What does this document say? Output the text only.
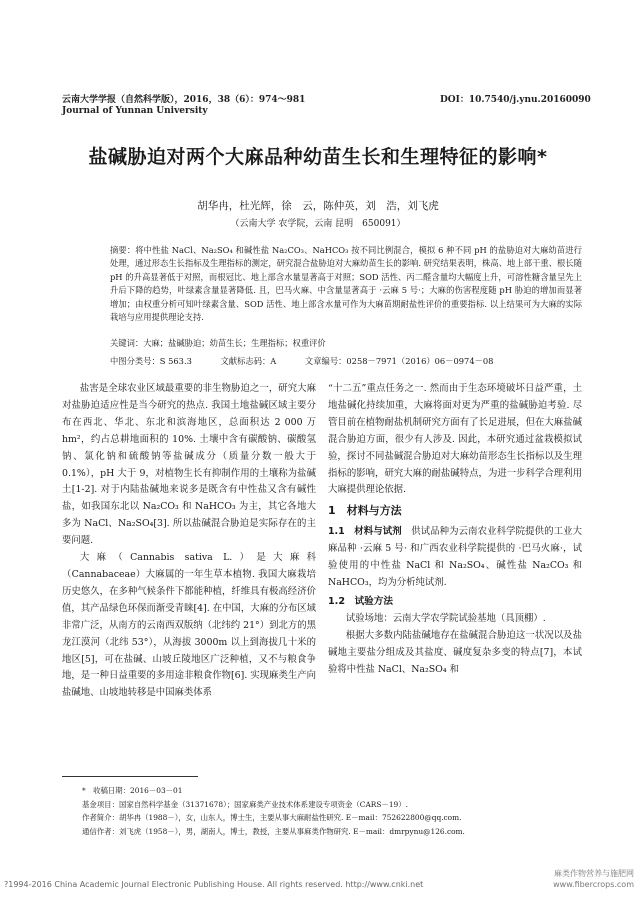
云南大学学报（自然科学版），2016，38（6）：974～981
Journal of Yunnan University
DOI：10.7540/j.ynu.20160090
盐碱胁迫对两个大麻品种幼苗生长和生理特征的影响*
胡华冉，杜光辉，徐　云，陈仲英，刘　浩，刘飞虎
（云南大学 农学院，云南 昆明　650091）
摘要：将中性盐 NaCl、Na₂SO₄ 和碱性盐 Na₂CO₃、NaHCO₃ 按不同比例混合，模拟 6 种不同 pH 的盐胁迫对大麻幼苗进行处理，通过形态生长指标及生理指标的测定，研究混合盐胁迫对大麻幼苗生长的影响. 研究结果表明，株高、地上部干重、根长随 pH 的升高显著低于对照，而根冠比、地上部含水量显著高于对照；SOD 活性、丙二醛含量均大幅度上升，可溶性糖含量呈先上升后下降的趋势，叶绿素含量显著降低. 且，巴马火麻、中含量显著高于 ·云麻 5 号·；大麻的伤害程度随 pH 胁迫的增加而显著增加；由权重分析可知叶绿素含量、SOD 活性、地上部含水量可作为大麻苗期耐盐性评价的重要指标. 以上结果可为大麻的实际栽培与应用提供理论支持.
关键词：大麻；盐碱胁迫；幼苗生长；生理指标；权重评价
中图分类号：S 563.3	文献标志码：A	文章编号：0258－7971（2016）06－0974－08

盐害是全球农业区域最重要的非生物胁迫之一，研究大麻对盐胁迫适应性是当今研究的热点. 我国土地盐碱区域主要分布在西北、华北、东北和滨海地区，总面积达 2 000 万 hm²，约占总耕地面积的 10%. 土壤中含有碳酸钠、碳酸氢钠、氯化钠和硫酸钠等盐碱成分（质量分数一般大于 0.1%），pH 大于 9，对植物生长有抑制作用的土壤称为盐碱土[1-2]. 对于内陆盐碱地来说多是既含有中性盐又含有碱性盐，如我国东北以 Na₂CO₃ 和 NaHCO₃ 为主，其它各地大多为 NaCl、Na₂SO₄[3]. 所以盐碱混合胁迫是实际存在的主要问题.

大麻（Cannabis sativa L.）是大麻科（Cannabaceae）大麻属的一年生草本植物. 我国大麻栽培历史悠久，在多种气候条件下都能种植，纤维具有极高经济价值，其产品绿色环保而渐受青睐[4]. 在中国，大麻的分布区域非常广泛，从南方的云南西双版纳（北纬约 21°）到北方的黑龙江漠河（北纬 53°），从海拔 3000m 以上到海拔几十米的地区[5]，可在盐碱、山坡丘陵地区广泛种植，又不与粮食争地，是一种日益重要的多用途非粮食作物[6]. 实现麻类生产向盐碱地、山坡地转移是中国麻类体系

“十二五”重点任务之一. 然而由于生态环境破坏日益严重，土地盐碱化持续加重，大麻将面对更为严重的盐碱胁迫考验. 尽管目前在植物耐盐机制研究方面有了长足进展，但在大麻盐碱混合胁迫方面，很少有人涉及. 因此，本研究通过盆栽模拟试验，探讨不同盐碱混合胁迫对大麻幼苗形态生长指标以及生理指标的影响，研究大麻的耐盐碱特点，为进一步科学合理利用大麻提供理论依据.

1　材料与方法

1.1　材料与试剂　 供试品种为云南农业科学院提供的工业大麻品种 ·云麻 5 号· 和广西农业科学院提供的 ·巴马火麻·，试验使用的中性盐 NaCl 和 Na₂SO₄、碱性盐 Na₂CO₃ 和 NaHCO₃，均为分析纯试剂.

1.2　试验方法

试验场地：云南大学农学院试验基地（具顶棚）.

根据大多数内陆盐碱地存在盐碱混合胁迫这一状况以及盐碱地主要盐分组成及其盐度、碱度复杂多变的特点[7]，本试验将中性盐 NaCl、Na₂SO₄ 和

*　收稿日期：2016－03－01
基金项目：国家自然科学基金（31371678）；国家麻类产业技术体系建设专项资金（CARS－19）.
作者简介：胡华冉（1988－），女，山东人，博士生，主要从事大麻耐盐性研究. E－mail：752622800@qq.com.
通信作者：刘飞虎（1958－），男，湖南人，博士，教授，主要从事麻类作物研究. E－mail：dmrpynu@126.com.
?1994-2016 China Academic Journal Electronic Publishing House. All rights reserved. http://www.cnki.net
麻类作物营养与施肥网 www.fibercrops.com
